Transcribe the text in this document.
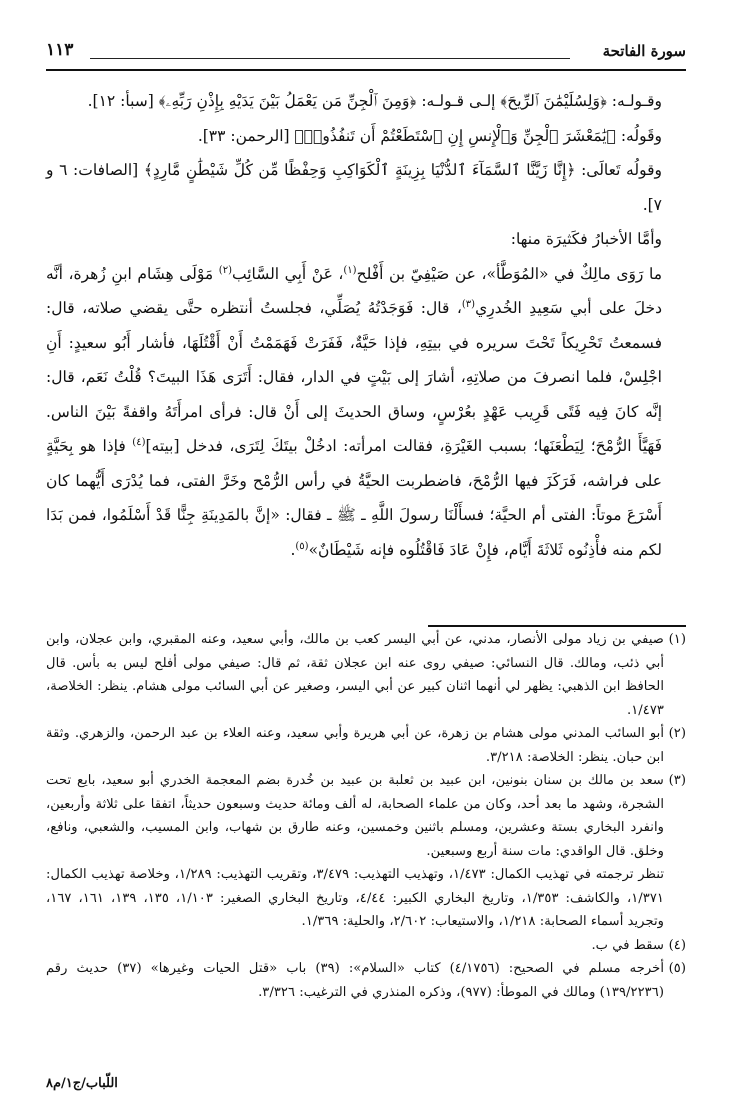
سورة الفاتحة
١١٣

وقـولـه: ﴿وَلِسُلَيْمَٰنَ ٱلرِّيحَ﴾ إلـى قـولـه: ﴿وَمِنَ ٱلْجِنِّ مَن يَعْمَلُ بَيْنَ يَدَيْهِ بِإِذْنِ رَبِّهِۦ﴾ [سبأ: ١٢].

وقَولُه: ﴿يَٰمَعْشَرَ ٱلْجِنِّ وَٱلْإِنسِ إِنِ ٱسْتَطَعْتُمْ أَن تَنفُذُوا۟﴾ [الرحمن: ٣٣].

وقولُه تَعالَى: ﴿إِنَّا زَيَّنَّا ٱلسَّمَآءَ ٱلدُّنْيَا بِزِينَةٍ ٱلْكَوَاكِبِ وَحِفْظًا مِّن كُلِّ شَيْطَٰنٍ مَّارِدٍ﴾ [الصافات: ٦ و ٧].

وأمَّا الأخبارُ فكَثيرَة منها:

ما رَوَى مالِكٌ في «المُوَطَّأ»، عن صَيْفِيّ بن أَفْلح$^{(١)}$، عَنْ أَبِي السَّائِب$^{(٢)}$ مَوْلَى هِشَام ابنِ زُهرة، أنَّه دخلَ على أبي سَعِيدِ الخُدرِي$^{(٣)}$، قال: فَوَجَدْتُهُ يُصَلِّي، فجلستُ أنتظره حتَّى يقضي صلاته، قال: فسمعتُ تَحْرِيكاً تَحْتَ سريره في بيتِهِ، فإذا حَيَّةٌ، فَفَرَتْ فَهَمَمْتُ أَنْ أَقْتُلَهَا، فأشار أَبُو سعيدٍ: أَنِ اجْلِسْ، فلما انصرفَ من صلاتِهِ، أشارَ إلى بَيْتٍ في الدار، فقال: أَتَرَى هَذَا البيتَ؟ قُلْتُ نَعَم، قال: إنَّه كانَ فِيه فَتًى قَرِيب عَهْدٍ بعُرْسٍ، وساق الحديثَ إلى أَنْ قال: فرأى امرأَتَهُ واقفةً بَيْنَ الناس. فَهَيَّأَ الرُّمْحَ؛ لِيَطْعَنَها؛ بسبب الغَيْرَةِ، فقالت امرأته: ادخُلْ بيتَكَ لِتَرَى، فدخل [بيته]$^{(٤)}$ فإذا هو بِحَيَّةٍ على فراشه، فَرَكَزَ فيها الرُّمْحَ، فاضطربت الحيَّةُ في رأس الرُّمْح وخَرَّ الفتى، فما يُدْرَى أَيُّهما كان أَسْرَعَ موتاً: الفتى أم الحيَّة؛ فسأَلْنَا رسولَ اللَّهِ ـ ﷺ ـ فقال: «إنَّ بالمَدِينَةِ جِنًّا قَدْ أَسْلَمُوا، فمن بَدَا لكم منه فأْذِنُوه ثَلاثَةَ أَيَّام، فإِنْ عَادَ فَاقْتُلُوه فإنه شَيْطَانٌ»$^{(٥)}$.

(١)

صيفي بن زياد مولى الأنصار، مدني، عن أبي اليسر كعب بن مالك، وأبي سعيد، وعنه المقبري، وابن عجلان، وابن أبي ذئب، ومالك. قال النسائي: صيفي روى عنه ابن عجلان ثقة، ثم قال: صيفي مولى أفلح ليس به بأس. قال الحافظ ابن الذهبي: يظهر لي أنهما اثنان كبير عن أبي اليسر، وصغير عن أبي السائب مولى هشام. ينظر: الخلاصة، ١/٤٧٣.

(٢)

أبو السائب المدني مولى هشام بن زهرة، عن أبي هريرة وأبي سعيد، وعنه العلاء بن عبد الرحمن، والزهري. وثقة ابن حبان. ينظر: الخلاصة: ٣/٢١٨.

(٣)

سعد بن مالك بن سنان بنونين، ابن عبيد بن ثعلبة بن عبيد بن خُدرة بضم المعجمة الخدري أبو سعيد، بايع تحت الشجرة، وشهد ما بعد أحد، وكان من علماء الصحابة، له ألف ومائة حديث وسبعون حديثاً، اتفقا على ثلاثة وأربعين، وانفرد البخاري بستة وعشرين، ومسلم باثنين وخمسين، وعنه طارق بن شهاب، وابن المسيب، والشعبي، ونافع، وخلق. قال الواقدي: مات سنة أربع وسبعين.

تنظر ترجمته في تهذيب الكمال: ١/٤٧٣، وتهذيب التهذيب: ٣/٤٧٩، وتقريب التهذيب: ١/٢٨٩، وخلاصة تهذيب الكمال: ١/٣٧١، والكاشف: ١/٣٥٣، وتاريخ البخاري الكبير: ٤/٤٤، وتاريخ البخاري الصغير: ١/١٠٣، ١٣٥، ١٣٩، ١٦١، ١٦٧، وتجريد أسماء الصحابة: ١/٢١٨، والاستيعاب: ٢/٦٠٢، والحلية: ١/٣٦٩.

(٤)

سقط في ب.

(٥)

أخرجه مسلم في الصحيح: (٤/١٧٥٦) كتاب «السلام»: (٣٩) باب «قتل الحيات وغيرها» (٣٧) حديث رقم (١٣٩/٢٢٣٦) ومالك في الموطأ: (٩٧٧)، وذكره المنذري في الترغيب: ٣/٣٢٦.

اللّباب/ج١/م٨
